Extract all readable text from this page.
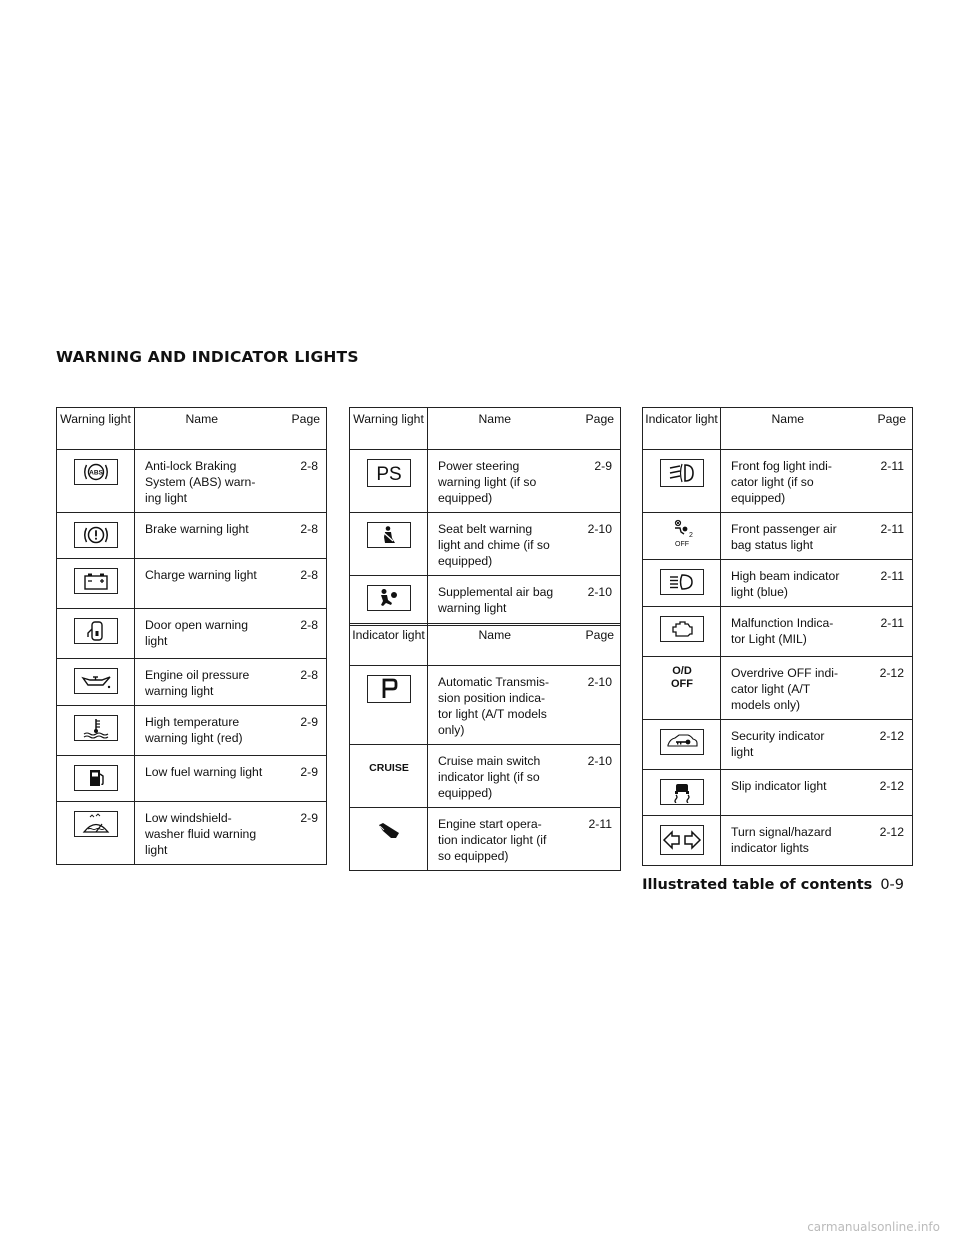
WARNING AND INDICATOR LIGHTS
Warning light	Name	Page

ABS	Anti-lock Braking System (ABS) warn- ing light	2-8

	Brake warning light	2-8

	Charge warning light	2-8

	Door open warning light	2-8

	Engine oil pressure warning light	2-8

	High temperature warning light (red)	2-9

	Low fuel warning light	2-9

	Low windshield- washer fluid warning light	2-9
Warning light	Name	Page

PS	Power steering warning light (if so equipped)	2-9

	Seat belt warning light and chime (if so equipped)	2-10

	Supplemental air bag warning light	2-10
Indicator light	Name	Page

	Automatic Transmis- sion position indica- tor light (A/T models only)	2-10

CRUISE	Cruise main switch indicator light (if so equipped)	2-10

	Engine start opera- tion indicator light (if so equipped)	2-11
Indicator light	Name	Page

	Front fog light indi- cator light (if so equipped)	2-11

2
OFF	Front passenger air bag status light	2-11

	High beam indicator light (blue)	2-11

	Malfunction Indica- tor Light (MIL)	2-11

O/D
OFF	Overdrive OFF indi- cator light (A/T models only)	2-12

	Security indicator light	2-12

	Slip indicator light	2-12

	Turn signal/hazard indicator lights	2-12
Illustrated table of contents 0-9
carmanualsonline.info
